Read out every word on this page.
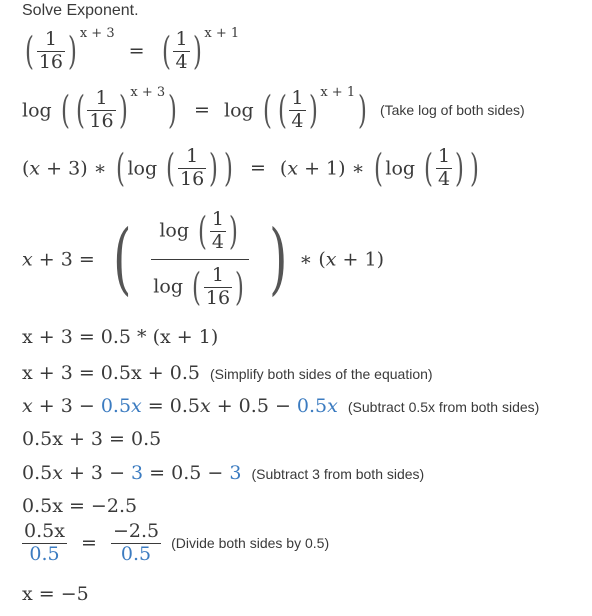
Solve Exponent.
( $\frac{1}{16}$ ) $^{x + 3}$ = ( $\frac{1}{4}$ ) $^{x + 1}$
log ( ( $\frac{1}{16}$ ) $^{x + 3}$) = log ( ( $\frac{1}{4}$ ) $^{x + 1}$) (Take log of both sides)
(x + 3) ∗ ( log ( $\frac{1}{16}$ ) ) = (x + 1) ∗ ( log ( $\frac{1}{4}$ ) )
x + 3 = ( $\frac{\log ( \frac{1}{4} )}{\log ( \frac{1}{16} )}$ ) ∗ (x + 1)
x + 3 = 0.5 * (x + 1)
x + 3 = 0.5x + 0.5 (Simplify both sides of the equation)
x + 3 − 0.5x = 0.5x + 0.5 − 0.5x (Subtract 0.5x from both sides)
0.5x + 3 = 0.5
0.5x + 3 − 3 = 0.5 − 3 (Subtract 3 from both sides)
0.5x = −2.5
$\frac{0.5x}{0.5} = \frac{-2.5}{0.5}$ (Divide both sides by 0.5)
x = −5
